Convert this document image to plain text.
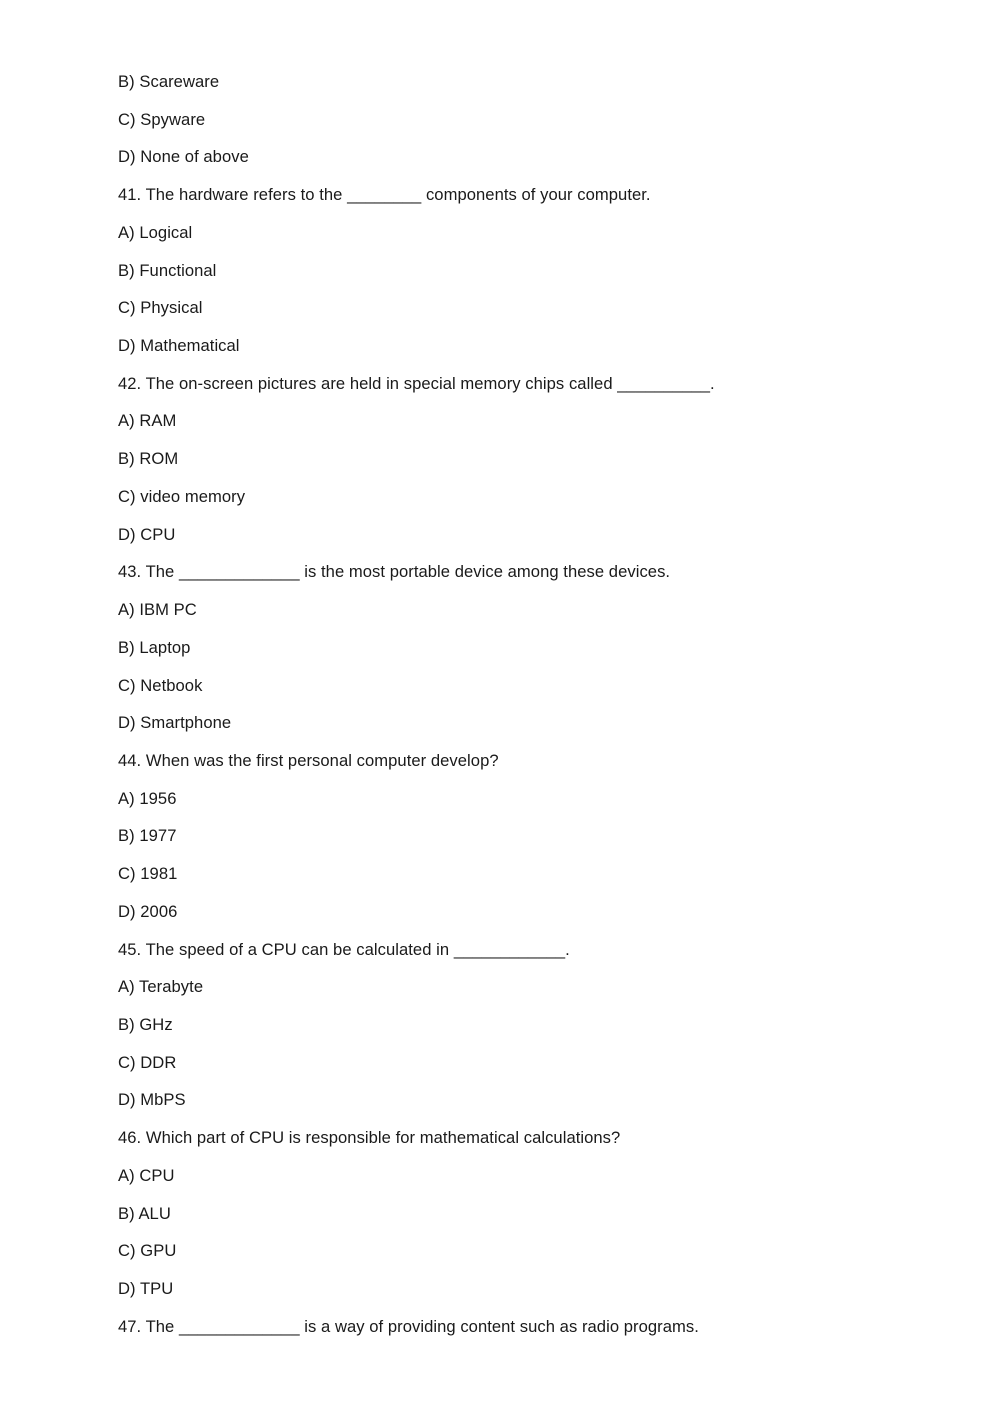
B) Scareware
C) Spyware
D) None of above
41. The hardware refers to the ________ components of your computer.
A) Logical
B) Functional
C) Physical
D) Mathematical
42. The on-screen pictures are held in special memory chips called __________.
A) RAM
B) ROM
C) video memory
D) CPU
43. The _____________ is the most portable device among these devices.
A) IBM PC
B) Laptop
C) Netbook
D) Smartphone
44. When was the first personal computer develop?
A) 1956
B) 1977
C) 1981
D) 2006
45. The speed of a CPU can be calculated in ____________.
A) Terabyte
B) GHz
C) DDR
D) MbPS
46. Which part of CPU is responsible for mathematical calculations?
A) CPU
B) ALU
C) GPU
D) TPU
47. The _____________ is a way of providing content such as radio programs.
